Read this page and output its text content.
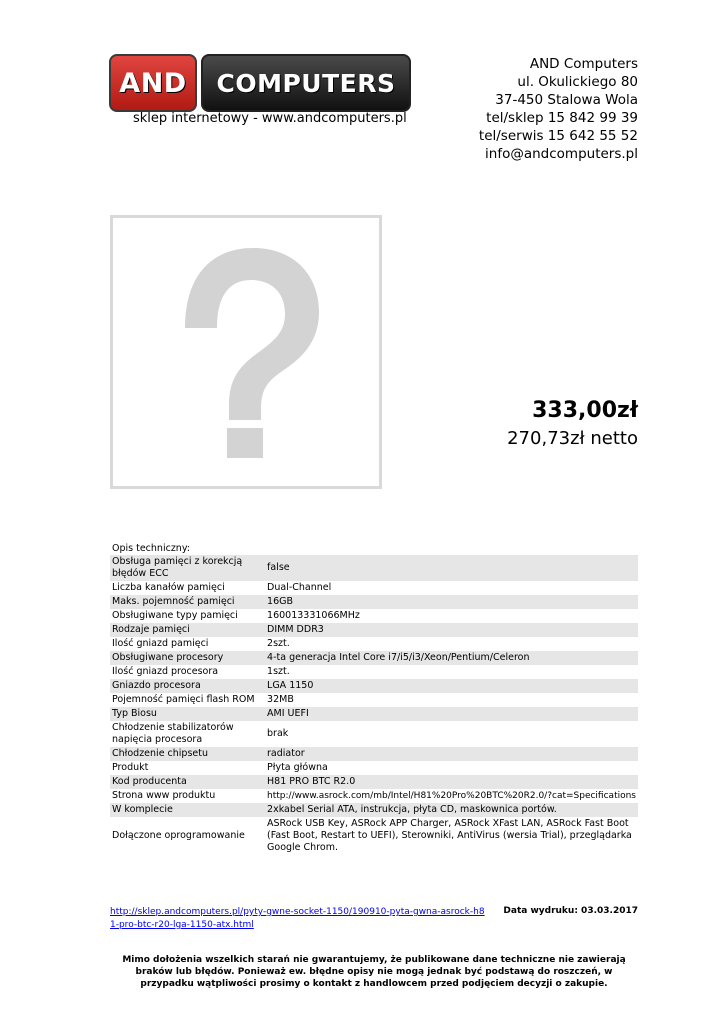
AND COMPUTERS
sklep internetowy - www.andcomputers.pl
AND Computers
ul. Okulickiego 80
37-450 Stalowa Wola
tel/sklep 15 842 99 39
tel/serwis 15 642 55 52
info@andcomputers.pl
333,00zł
270,73zł netto
Opis techniczny:
Obsługa pamięci z korekcją błędów ECC	false
Liczba kanałów pamięci	Dual-Channel
Maks. pojemność pamięci	16GB
Obsługiwane typy pamięci	160013331066MHz
Rodzaje pamięci	DIMM DDR3
Ilość gniazd pamięci	2szt.
Obsługiwane procesory	4-ta generacja Intel Core i7/i5/i3/Xeon/Pentium/Celeron
Ilość gniazd procesora	1szt.
Gniazdo procesora	LGA 1150
Pojemność pamięci flash ROM	32MB
Typ Biosu	AMI UEFI
Chłodzenie stabilizatorów napięcia procesora	brak
Chłodzenie chipsetu	radiator
Produkt	Płyta główna
Kod producenta	H81 PRO BTC R2.0
Strona www produktu	http://www.asrock.com/mb/Intel/H81%20Pro%20BTC%20R2.0/?cat=Specifications
W komplecie	2xkabel Serial ATA, instrukcja, płyta CD, maskownica portów.
Dołączone oprogramowanie	ASRock USB Key, ASRock APP Charger, ASRock XFast LAN, ASRock Fast Boot (Fast Boot, Restart to UEFI), Sterowniki, AntiVirus (wersia Trial), przeglądarka Google Chrom.
http://sklep.andcomputers.pl/pyty-gwne-socket-1150/190910-pyta-gwna-asrock-h81-pro-btc-r20-lga-1150-atx.html
Data wydruku: 03.03.2017
Mimo dołożenia wszelkich starań nie gwarantujemy, że publikowane dane techniczne nie zawierają braków lub błędów. Ponieważ ew. błędne opisy nie mogą jednak być podstawą do roszczeń, w przypadku wątpliwości prosimy o kontakt z handlowcem przed podjęciem decyzji o zakupie.
